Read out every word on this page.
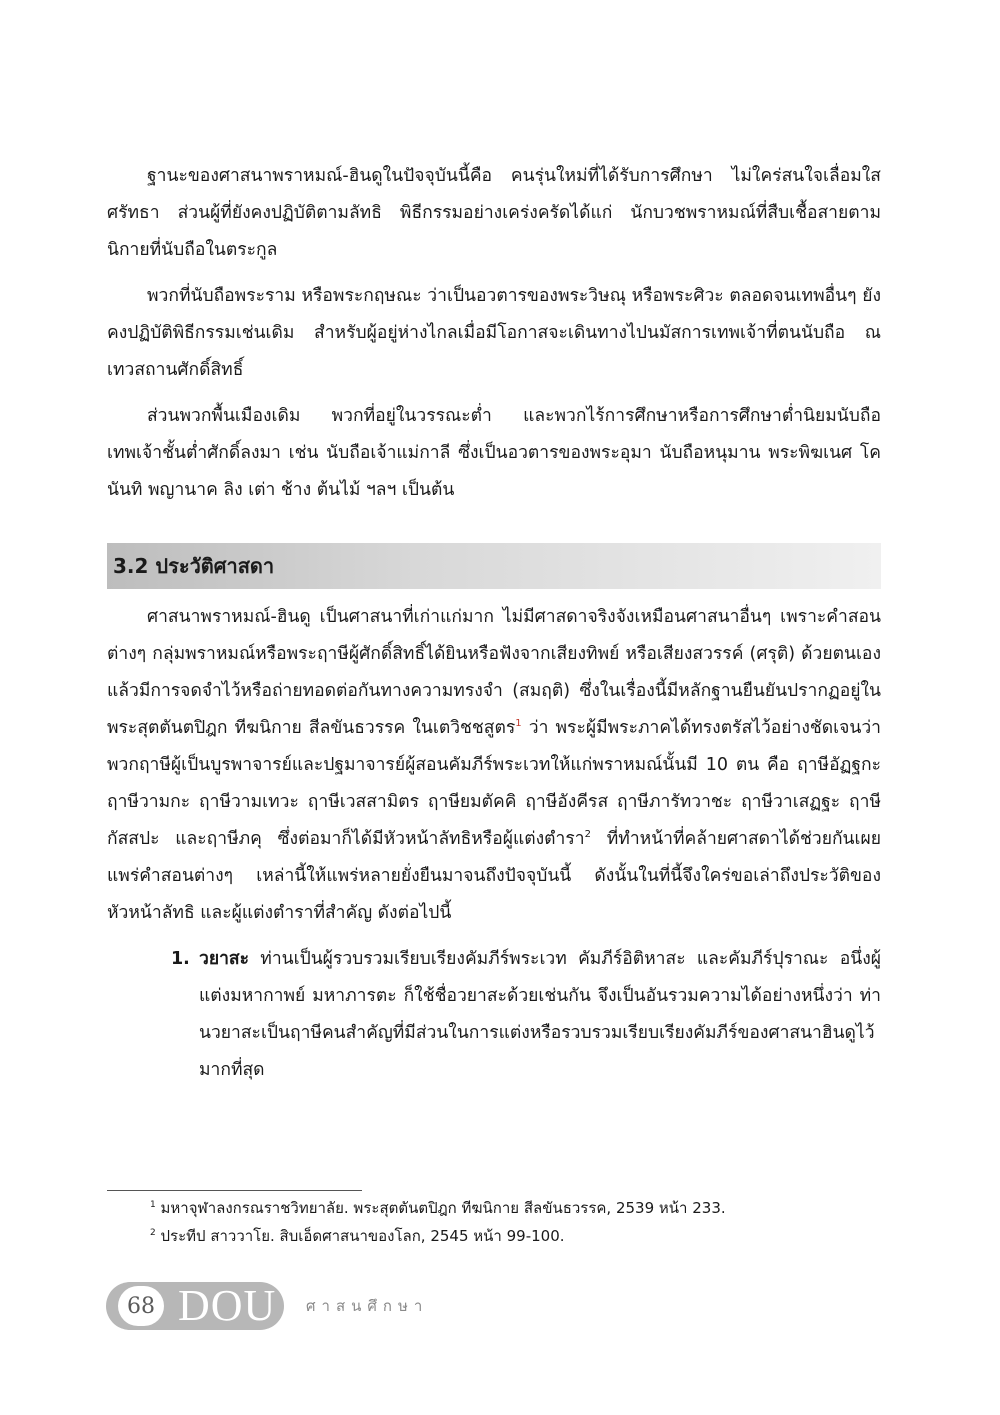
ฐานะของศาสนาพราหมณ์-ฮินดูในปัจจุบันนี้คือ คนรุ่นใหม่ที่ได้รับการศึกษา ไม่ใคร่สนใจเลื่อมใสศรัทธา ส่วนผู้ที่ยังคงปฏิบัติตามลัทธิ พิธีกรรมอย่างเคร่งครัดได้แก่ นักบวชพราหมณ์ที่สืบเชื้อสายตามนิกายที่นับถือในตระกูล

พวกที่นับถือพระราม หรือพระกฤษณะ ว่าเป็นอวตารของพระวิษณุ หรือพระศิวะ ตลอดจนเทพอื่นๆ ยังคงปฏิบัติพิธีกรรมเช่นเดิม สำหรับผู้อยู่ห่างไกลเมื่อมีโอกาสจะเดินทางไปนมัสการเทพเจ้าที่ตนนับถือ ณ เทวสถานศักดิ์สิทธิ์

ส่วนพวกพื้นเมืองเดิม พวกที่อยู่ในวรรณะต่ำ และพวกไร้การศึกษาหรือการศึกษาต่ำนิยมนับถือเทพเจ้าชั้นต่ำศักดิ์ลงมา เช่น นับถือเจ้าแม่กาลี ซึ่งเป็นอวตารของพระอุมา นับถือหนุมาน พระพิฆเนศ โคนันทิ พญานาค ลิง เต่า ช้าง ต้นไม้ ฯลฯ เป็นต้น

3.2 ประวัติศาสดา

ศาสนาพราหมณ์-ฮินดู เป็นศาสนาที่เก่าแก่มาก ไม่มีศาสดาจริงจังเหมือนศาสนาอื่นๆ เพราะคำสอนต่างๆ กลุ่มพราหมณ์หรือพระฤาษีผู้ศักดิ์สิทธิ์ได้ยินหรือฟังจากเสียงทิพย์ หรือเสียงสวรรค์ (ศรุติ) ด้วยตนเอง แล้วมีการจดจำไว้หรือถ่ายทอดต่อกันทางความทรงจำ (สมฤติ) ซึ่งในเรื่องนี้มีหลักฐานยืนยันปรากฏอยู่ในพระสุตตันตปิฎก ทีฆนิกาย สีลขันธวรรค ในเตวิชชสูตร$^1$ ว่า พระผู้มีพระภาคได้ทรงตรัสไว้อย่างชัดเจนว่า พวกฤาษีผู้เป็นบูรพาจารย์และปฐมาจารย์ผู้สอนคัมภีร์พระเวทให้แก่พราหมณ์นั้นมี 10 ตน คือ ฤาษีอัฏฐกะ ฤาษีวามกะ ฤาษีวามเทวะ ฤาษีเวสสามิตร ฤาษียมตัคคิ ฤาษีอังคีรส ฤาษีภารัทวาชะ ฤาษีวาเสฏฐะ ฤาษีกัสสปะ และฤาษีภคุ ซึ่งต่อมาก็ได้มีหัวหน้าลัทธิหรือผู้แต่งตำรา$^2$ ที่ทำหน้าที่คล้ายศาสดาได้ช่วยกันเผยแพร่คำสอนต่างๆ เหล่านี้ให้แพร่หลายยั่งยืนมาจนถึงปัจจุบันนี้ ดังนั้นในที่นี้จึงใคร่ขอเล่าถึงประวัติของหัวหน้าลัทธิ และผู้แต่งตำราที่สำคัญ ดังต่อไปนี้

1. วยาสะ ท่านเป็นผู้รวบรวมเรียบเรียงคัมภีร์พระเวท คัมภีร์อิติหาสะ และคัมภีร์ปุราณะ อนึ่งผู้แต่งมหากาพย์ มหาภารตะ ก็ใช้ชื่อวยาสะด้วยเช่นกัน จึงเป็นอันรวมความได้อย่างหนึ่งว่า ท่านวยาสะเป็นฤาษีคนสำคัญที่มีส่วนในการแต่งหรือรวบรวมเรียบเรียงคัมภีร์ของศาสนาฮินดูไว้มากที่สุด

$^1$ มหาจุฬาลงกรณราชวิทยาลัย. พระสุตตันตปิฎก ทีฆนิกาย สีลขันธวรรค, 2539 หน้า 233.

$^2$ ประทีป สาววาโย. สิบเอ็ดศาสนาของโลก, 2545 หน้า 99-100.

68 DOU ศาสนศึกษา
